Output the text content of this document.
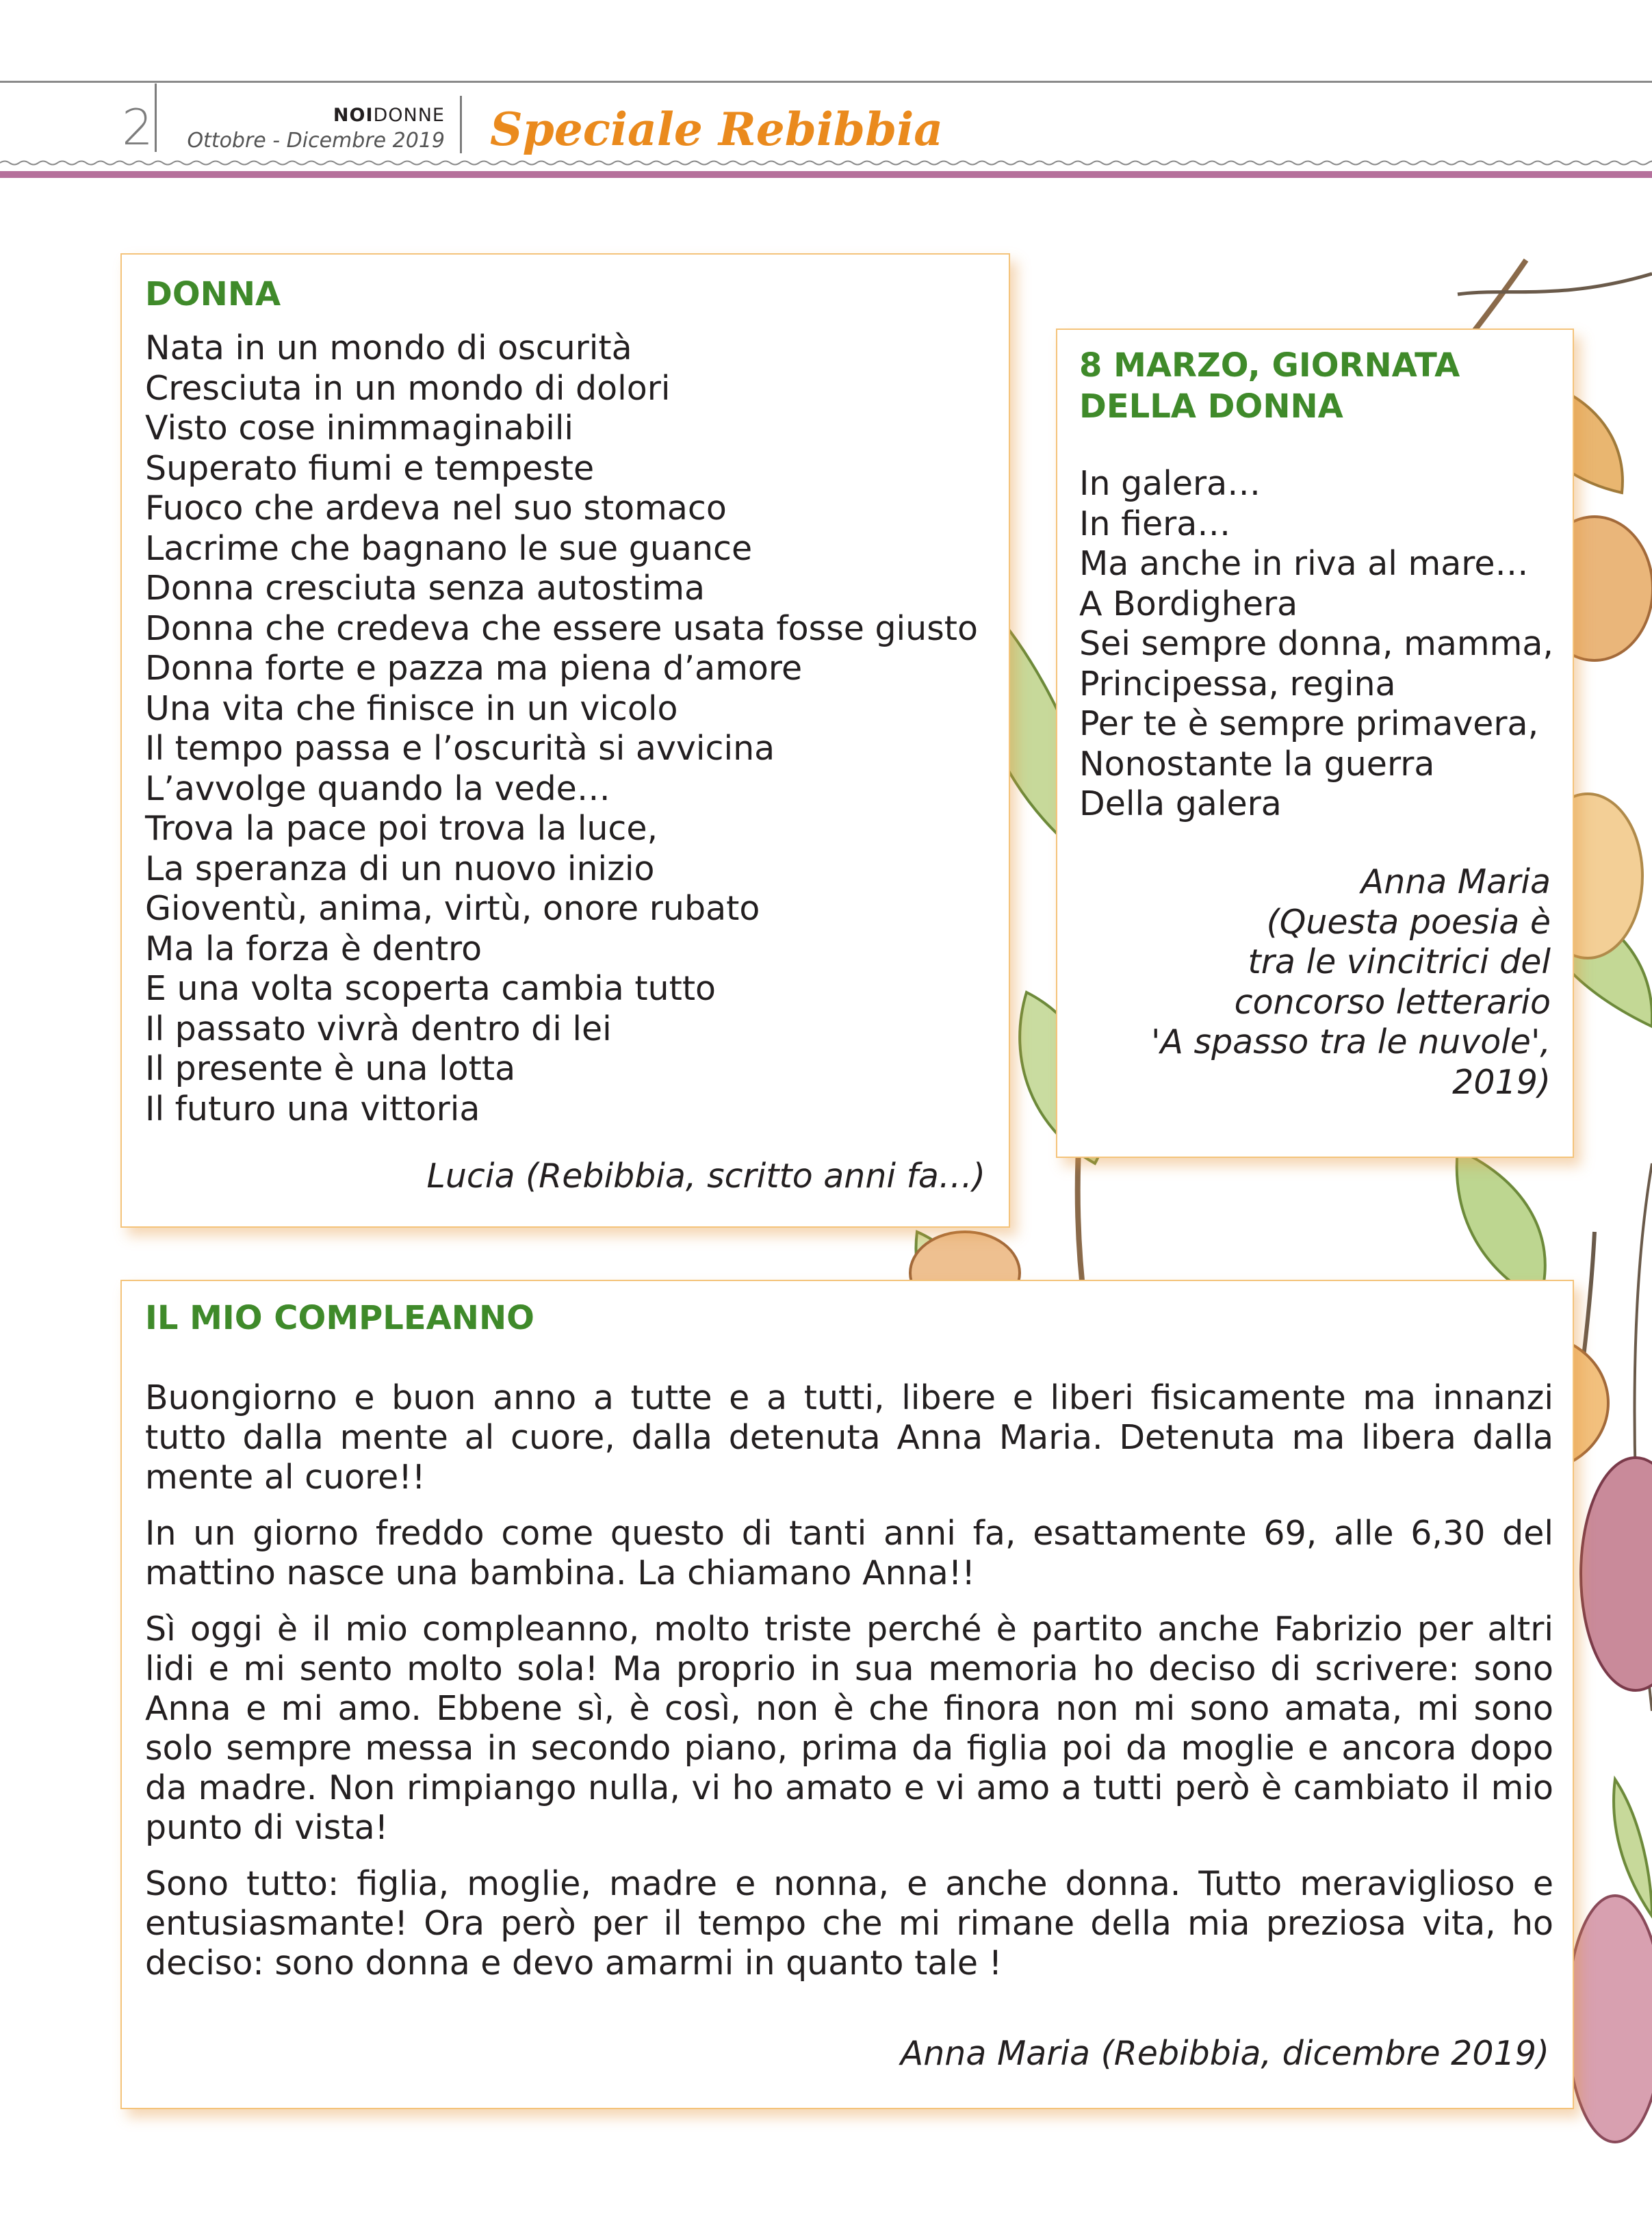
2	NOIDONNE
Ottobre - Dicembre 2019 Speciale Rebibbia
DONNA
Nata in un mondo di oscurità
Cresciuta in un mondo di dolori
Visto cose inimmaginabili
Superato fiumi e tempeste
Fuoco che ardeva nel suo stomaco
Lacrime che bagnano le sue guance
Donna cresciuta senza autostima
Donna che credeva che essere usata fosse giusto
Donna forte e pazza ma piena d’amore
Una vita che finisce in un vicolo
Il tempo passa e l’oscurità si avvicina
L’avvolge quando la vede…
Trova la pace poi trova la luce,
La speranza di un nuovo inizio
Gioventù, anima, virtù, onore rubato
Ma la forza è dentro
E una volta scoperta cambia tutto
Il passato vivrà dentro di lei
Il presente è una lotta
Il futuro una vittoria
Lucia (Rebibbia, scritto anni fa…)
8 MARZO, GIORNATA
DELLA DONNA
In galera…
In fiera…
Ma anche in riva al mare…
A Bordighera
Sei sempre donna, mamma,
Principessa, regina
Per te è sempre primavera,
Nonostante la guerra
Della galera
Anna Maria
(Questa poesia è
tra le vincitrici del
concorso letterario
'A spasso tra le nuvole',
2019)
IL MIO COMPLEANNO

Buongiorno e buon anno a tutte e a tutti, libere e liberi fisicamente ma innanzi tutto dalla mente al cuore, dalla detenuta Anna Maria. Detenuta ma libera dalla mente al cuore!!

In un giorno freddo come questo di tanti anni fa, esattamente 69, alle 6,30 del mattino nasce una bambina. La chiamano Anna!!

Sì oggi è il mio compleanno, molto triste perché è partito anche Fabrizio per altri lidi e mi sento molto sola! Ma proprio in sua memoria ho deciso di scrivere: sono Anna e mi amo. Ebbene sì, è così, non è che finora non mi sono amata, mi sono solo sempre messa in secondo piano, prima da figlia poi da moglie e ancora dopo da madre. Non rimpiango nulla, vi ho amato e vi amo a tutti però è cambiato il mio punto di vista!

Sono tutto: figlia, moglie, madre e nonna, e anche donna. Tutto meraviglioso e entusiasmante! Ora però per il tempo che mi rimane della mia preziosa vita, ho deciso: sono donna e devo amarmi in quanto tale !

Anna Maria (Rebibbia, dicembre 2019)
